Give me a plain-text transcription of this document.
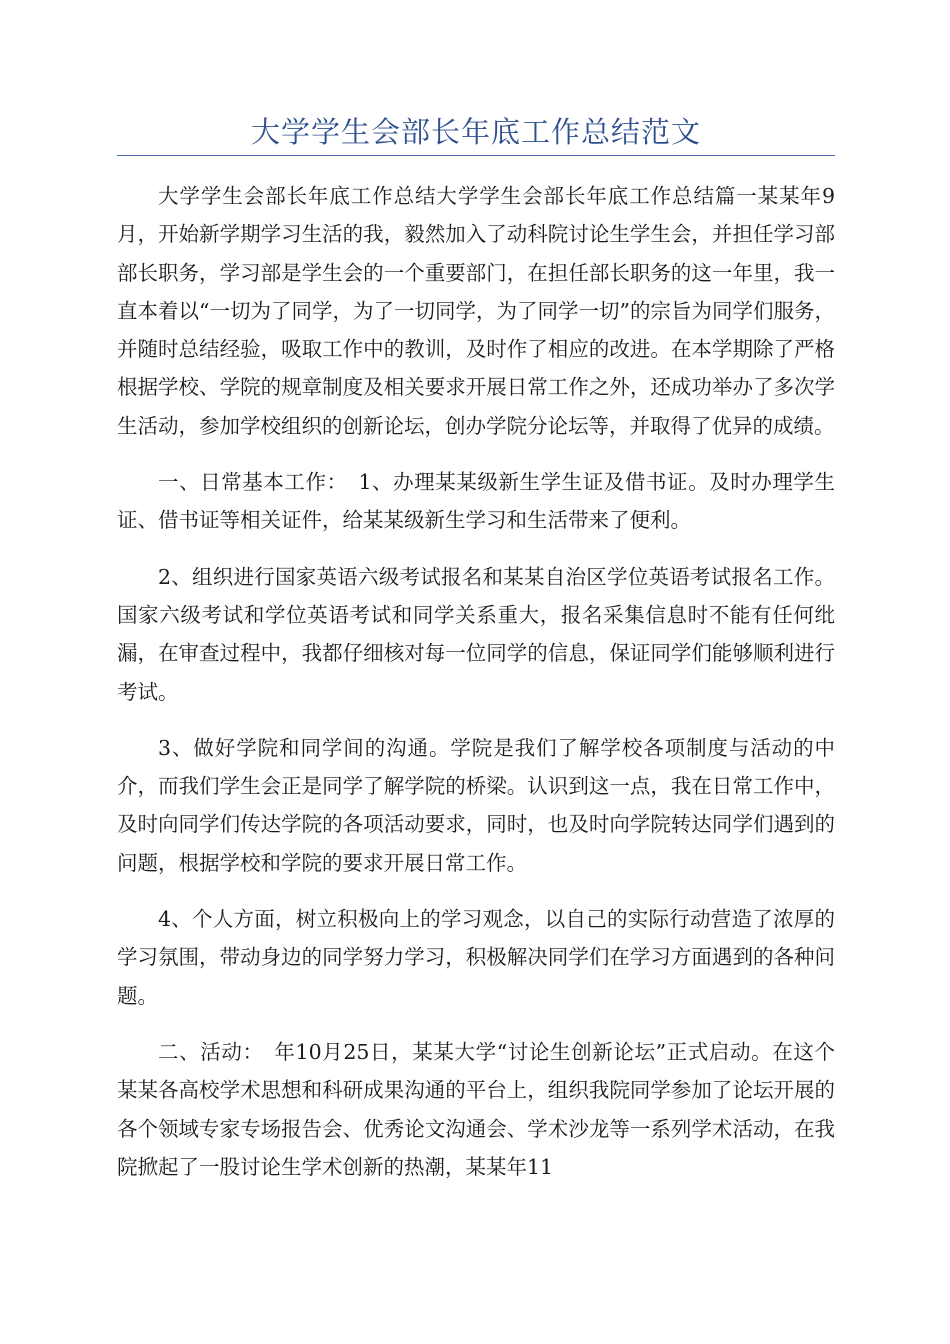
大学学生会部长年底工作总结范文

大学学生会部长年底工作总结大学学生会部长年底工作总结篇一某某年9月，开始新学期学习生活的我，毅然加入了动科院讨论生学生会，并担任学习部部长职务，学习部是学生会的一个重要部门，在担任部长职务的这一年里，我一直本着以“一切为了同学，为了一切同学，为了同学一切”的宗旨为同学们服务，并随时总结经验，吸取工作中的教训，及时作了相应的改进。在本学期除了严格根据学校、学院的规章制度及相关要求开展日常工作之外，还成功举办了多次学生活动，参加学校组织的创新论坛，创办学院分论坛等，并取得了优异的成绩。

一、日常基本工作：　1、办理某某级新生学生证及借书证。及时办理学生证、借书证等相关证件，给某某级新生学习和生活带来了便利。

2、组织进行国家英语六级考试报名和某某自治区学位英语考试报名工作。国家六级考试和学位英语考试和同学关系重大，报名采集信息时不能有任何纰漏，在审查过程中，我都仔细核对每一位同学的信息，保证同学们能够顺利进行考试。

3、做好学院和同学间的沟通。学院是我们了解学校各项制度与活动的中介，而我们学生会正是同学了解学院的桥梁。认识到这一点，我在日常工作中，及时向同学们传达学院的各项活动要求，同时，也及时向学院转达同学们遇到的问题，根据学校和学院的要求开展日常工作。

4、个人方面，树立积极向上的学习观念，以自己的实际行动营造了浓厚的学习氛围，带动身边的同学努力学习，积极解决同学们在学习方面遇到的各种问题。

二、活动：　年10月25日，某某大学“讨论生创新论坛”正式启动。在这个某某各高校学术思想和科研成果沟通的平台上，组织我院同学参加了论坛开展的各个领域专家专场报告会、优秀论文沟通会、学术沙龙等一系列学术活动，在我院掀起了一股讨论生学术创新的热潮，某某年11
